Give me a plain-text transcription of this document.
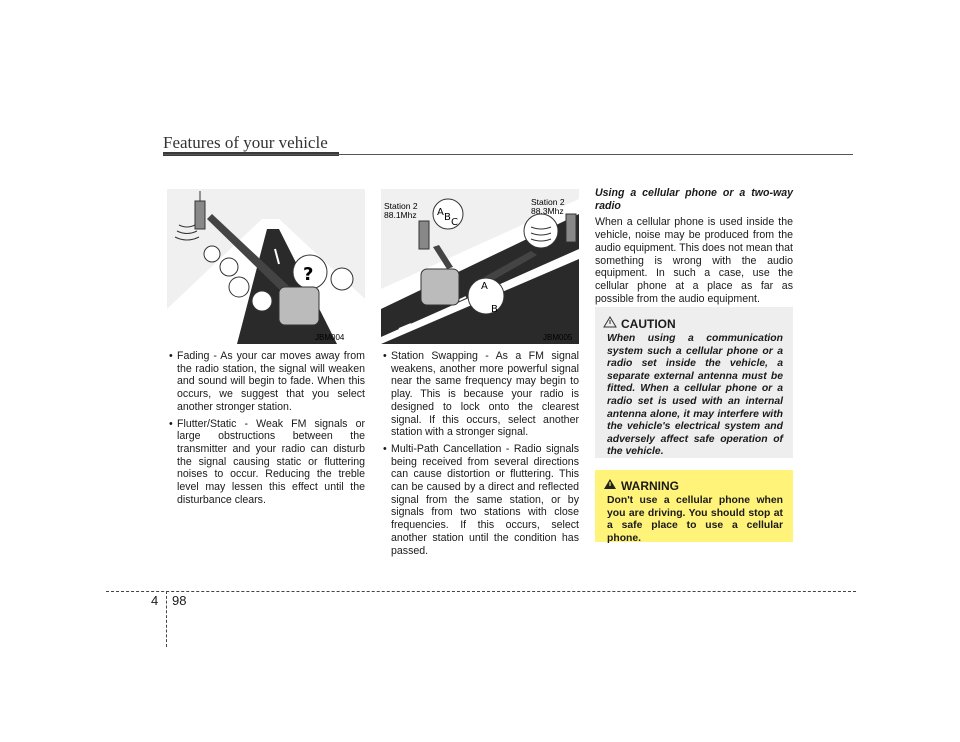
Features of your vehicle
?
JBM004
A B C
A
B
Station 2
88.1Mhz
Station 2
88.3Mhz
JBM005

• Fading - As your car moves away from the radio station, the signal will weaken and sound will begin to fade. When this occurs, we suggest that you select another stronger station.

• Flutter/Static - Weak FM signals or large obstructions between the transmitter and your radio can disturb the signal causing static or fluttering noises to occur. Reducing the treble level may lessen this effect until the disturbance clears.

• Station Swapping - As a FM signal weakens, another more powerful signal near the same frequency may begin to play. This is because your radio is designed to lock onto the clearest signal. If this occurs, select another station with a stronger signal.

• Multi-Path Cancellation - Radio signals being received from several directions can cause distortion or fluttering. This can be caused by a direct and reflected signal from the same station, or by signals from two stations with close frequencies. If this occurs, select another station until the condition has passed.

Using a cellular phone or a two-way radio

When a cellular phone is used inside the vehicle, noise may be produced from the audio equipment. This does not mean that something is wrong with the audio equipment. In such a case, use the cellular phone at a place as far as possible from the audio equipment.

CAUTION
When using a communication system such a cellular phone or a radio set inside the vehicle, a separate external antenna must be fitted. When a cellular phone or a radio set is used with an internal antenna alone, it may interfere with the vehicle's electrical system and adversely affect safe operation of the vehicle.
WARNING
Don't use a cellular phone when you are driving. You should stop at a safe place to use a cellular phone.
4 98
